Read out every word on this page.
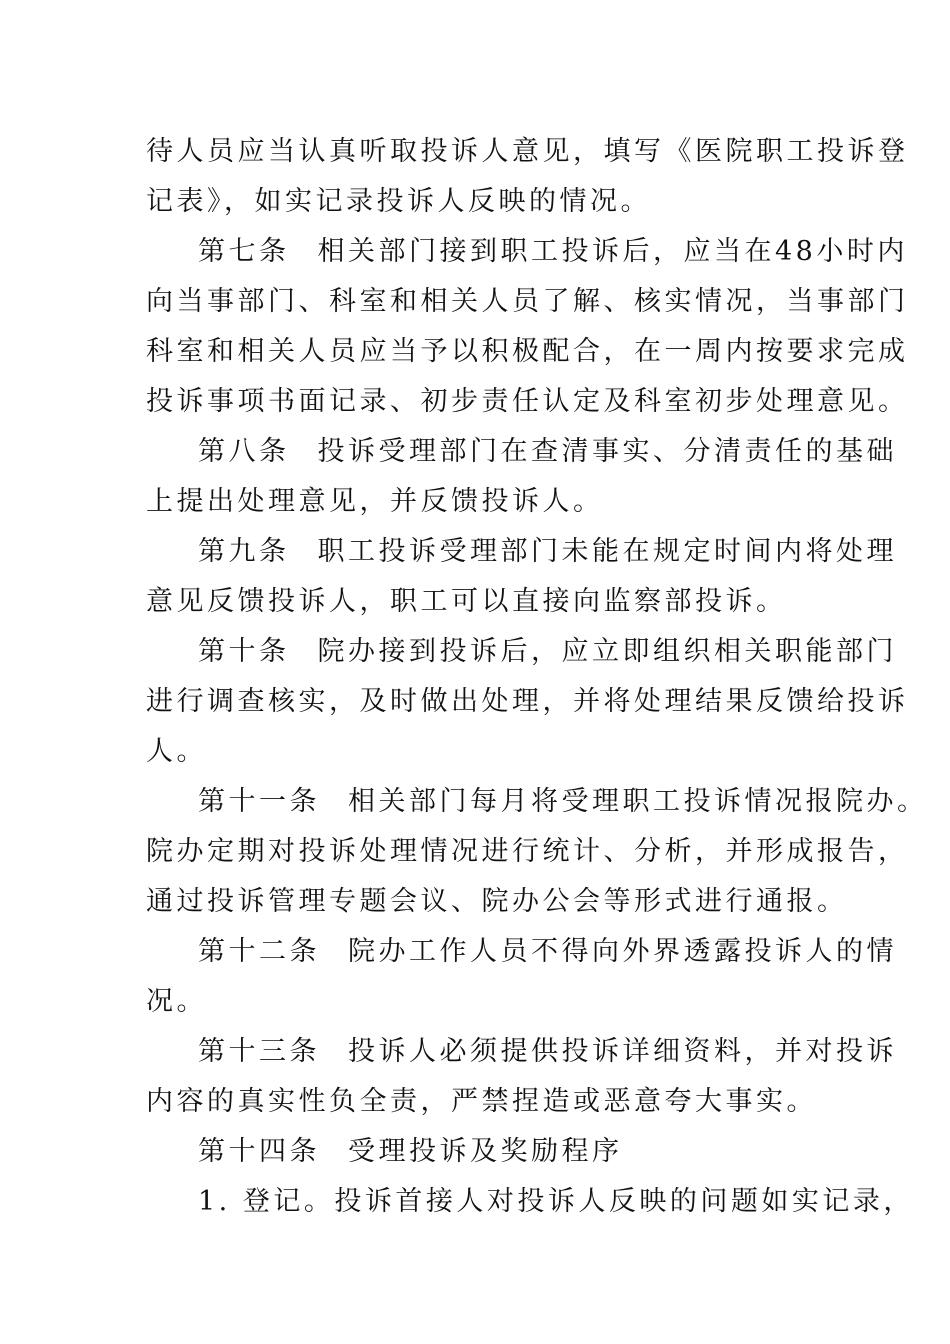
待人员应当认真听取投诉人意见，填写《医院职工投诉登
记表》，如实记录投诉人反映的情况。
第七条 相关部门接到职工投诉后，应当在48小时内
向当事部门、科室和相关人员了解、核实情况，当事部门
科室和相关人员应当予以积极配合，在一周内按要求完成
投诉事项书面记录、初步责任认定及科室初步处理意见。
第八条 投诉受理部门在查清事实、分清责任的基础
上提出处理意见，并反馈投诉人。
第九条 职工投诉受理部门未能在规定时间内将处理
意见反馈投诉人，职工可以直接向监察部投诉。
第十条 院办接到投诉后，应立即组织相关职能部门
进行调查核实，及时做出处理，并将处理结果反馈给投诉
人。
第十一条 相关部门每月将受理职工投诉情况报院办。
院办定期对投诉处理情况进行统计、分析，并形成报告，
通过投诉管理专题会议、院办公会等形式进行通报。
第十二条 院办工作人员不得向外界透露投诉人的情
况。
第十三条 投诉人必须提供投诉详细资料，并对投诉
内容的真实性负全责，严禁捏造或恶意夸大事实。
第十四条 受理投诉及奖励程序
1. 登记。投诉首接人对投诉人反映的问题如实记录，
